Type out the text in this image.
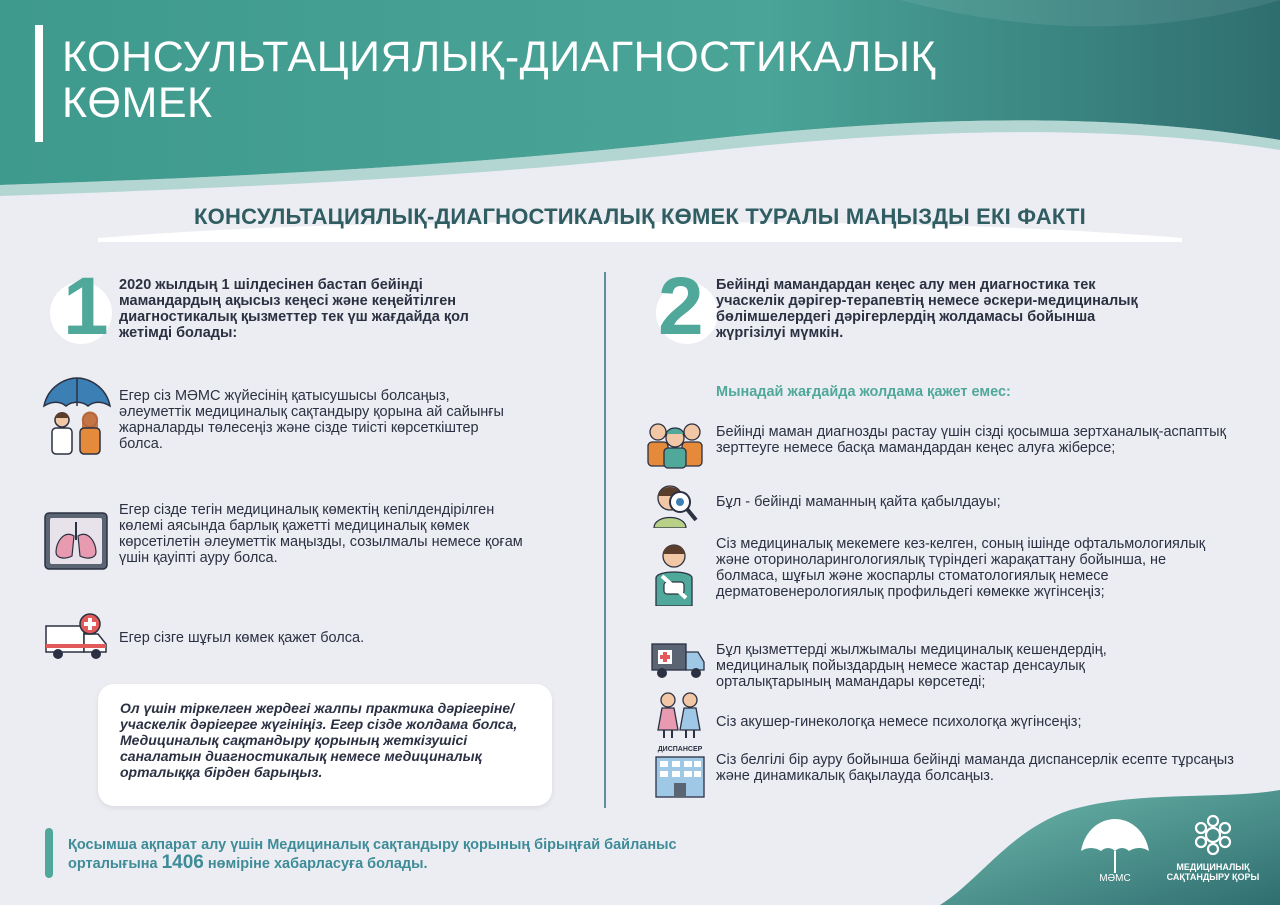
КОНСУЛЬТАЦИЯЛЫҚ-ДИАГНОСТИКАЛЫҚ
КӨМЕК
КОНСУЛЬТАЦИЯЛЫҚ-ДИАГНОСТИКАЛЫҚ КӨМЕК ТУРАЛЫ МАҢЫЗДЫ ЕКІ ФАКТІ
1 2020 жылдың 1 шілдесінен бастап бейінді мамандардың ақысыз кеңесі және кеңейтілген диагностикалық қызметтер тек үш жағдайда қол жетімді болады:
Егер сіз МӘМС жүйесінің қатысушысы болсаңыз, әлеуметтік медициналық сақтандыру қорына ай сайынғы жарналарды төлесеңіз және сізде тиісті көрсеткіштер болса.
Егер сізде тегін медициналық көмектің кепілдендірілген көлемі аясында барлық қажетті медициналық көмек көрсетілетін әлеуметтік маңызды, созылмалы немесе қоғам үшін қауіпті ауру болса.
Егер сізге шұғыл көмек қажет болса.
Ол үшін тіркелген жердегі жалпы практика дәрігеріне/учаскелік дәрігерге жүгініңіз. Егер сізде жолдама болса, Медициналық сақтандыру қорының жеткізушісі саналатын диагностикалық немесе медициналық орталыққа бірден барыңыз.
2 Бейінді мамандардан кеңес алу мен диагностика тек учаскелік дәрігер-терапевтің немесе әскери-медициналық бөлімшелердегі дәрігерлердің жолдамасы бойынша жүргізілуі мүмкін.
Мынадай жағдайда жолдама қажет емес:
ДИСПАНСЕР
Бейінді маман диагнозды растау үшін сізді қосымша зертханалық-аспаптық зерттеуге немесе басқа мамандардан кеңес алуға жіберсе;
Бұл - бейінді маманның қайта қабылдауы;
Сіз медициналық мекемеге кез-келген, соның ішінде офтальмологиялық және оториноларингологиялық түріндегі жарақаттану бойынша, не болмаса, шұғыл және жоспарлы стоматологиялық немесе дерматовенерологиялық профильдегі көмекке жүгінсеңіз;
Бұл қызметтерді жылжымалы медициналық кешендердің, медициналық пойыздардың немесе жастар денсаулық орталықтарының мамандары көрсетеді;
Сіз акушер-гинекологқа немесе психологқа жүгінсеңіз;
Сіз белгілі бір ауру бойынша бейінді маманда диспансерлік есепте тұрсаңыз және динамикалық бақылауда болсаңыз.
Қосымша ақпарат алу үшін Медициналық сақтандыру қорының бірыңғай байланыс орталығына 1406 нөміріне хабарласуға болады.
МӘМС
МЕДИЦИНАЛЫҚ САҚТАНДЫРУ ҚОРЫ
